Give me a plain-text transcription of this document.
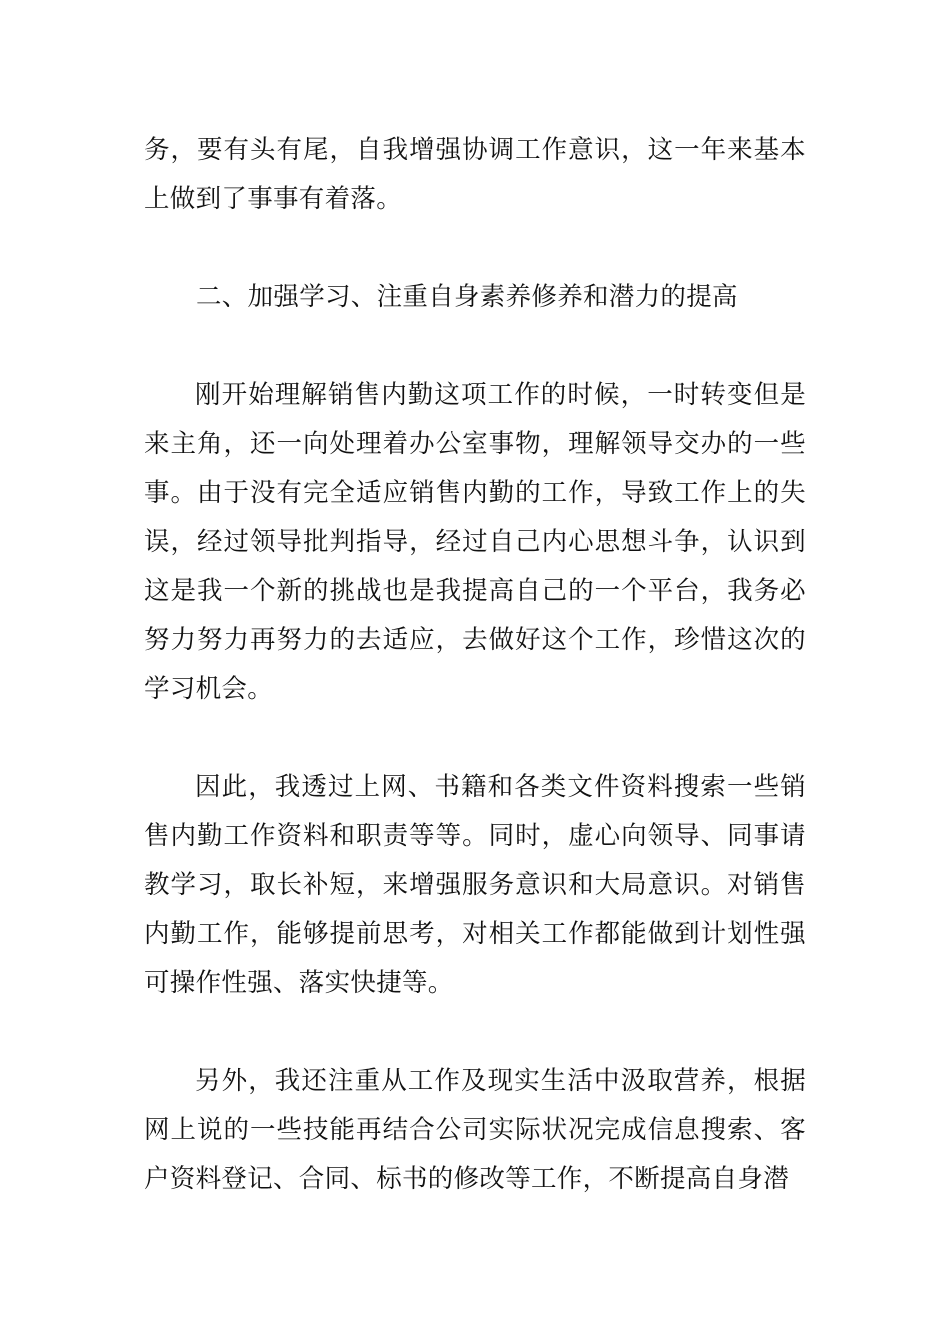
务，要有头有尾，自我增强协调工作意识，这一年来基本上做到了事事有着落。

二、加强学习、注重自身素养修养和潜力的提高

刚开始理解销售内勤这项工作的时候，一时转变但是来主角，还一向处理着办公室事物，理解领导交办的一些事。由于没有完全适应销售内勤的工作，导致工作上的失误，经过领导批判指导，经过自己内心思想斗争，认识到这是我一个新的挑战也是我提高自己的一个平台，我务必努力努力再努力的去适应，去做好这个工作，珍惜这次的学习机会。

因此，我透过上网、书籍和各类文件资料搜索一些销售内勤工作资料和职责等等。同时，虚心向领导、同事请教学习，取长补短，来增强服务意识和大局意识。对销售内勤工作，能够提前思考，对相关工作都能做到计划性强可操作性强、落实快捷等。

另外，我还注重从工作及现实生活中汲取营养，根据网上说的一些技能再结合公司实际状况完成信息搜索、客户资料登记、合同、标书的修改等工作，不断提高自身潜
